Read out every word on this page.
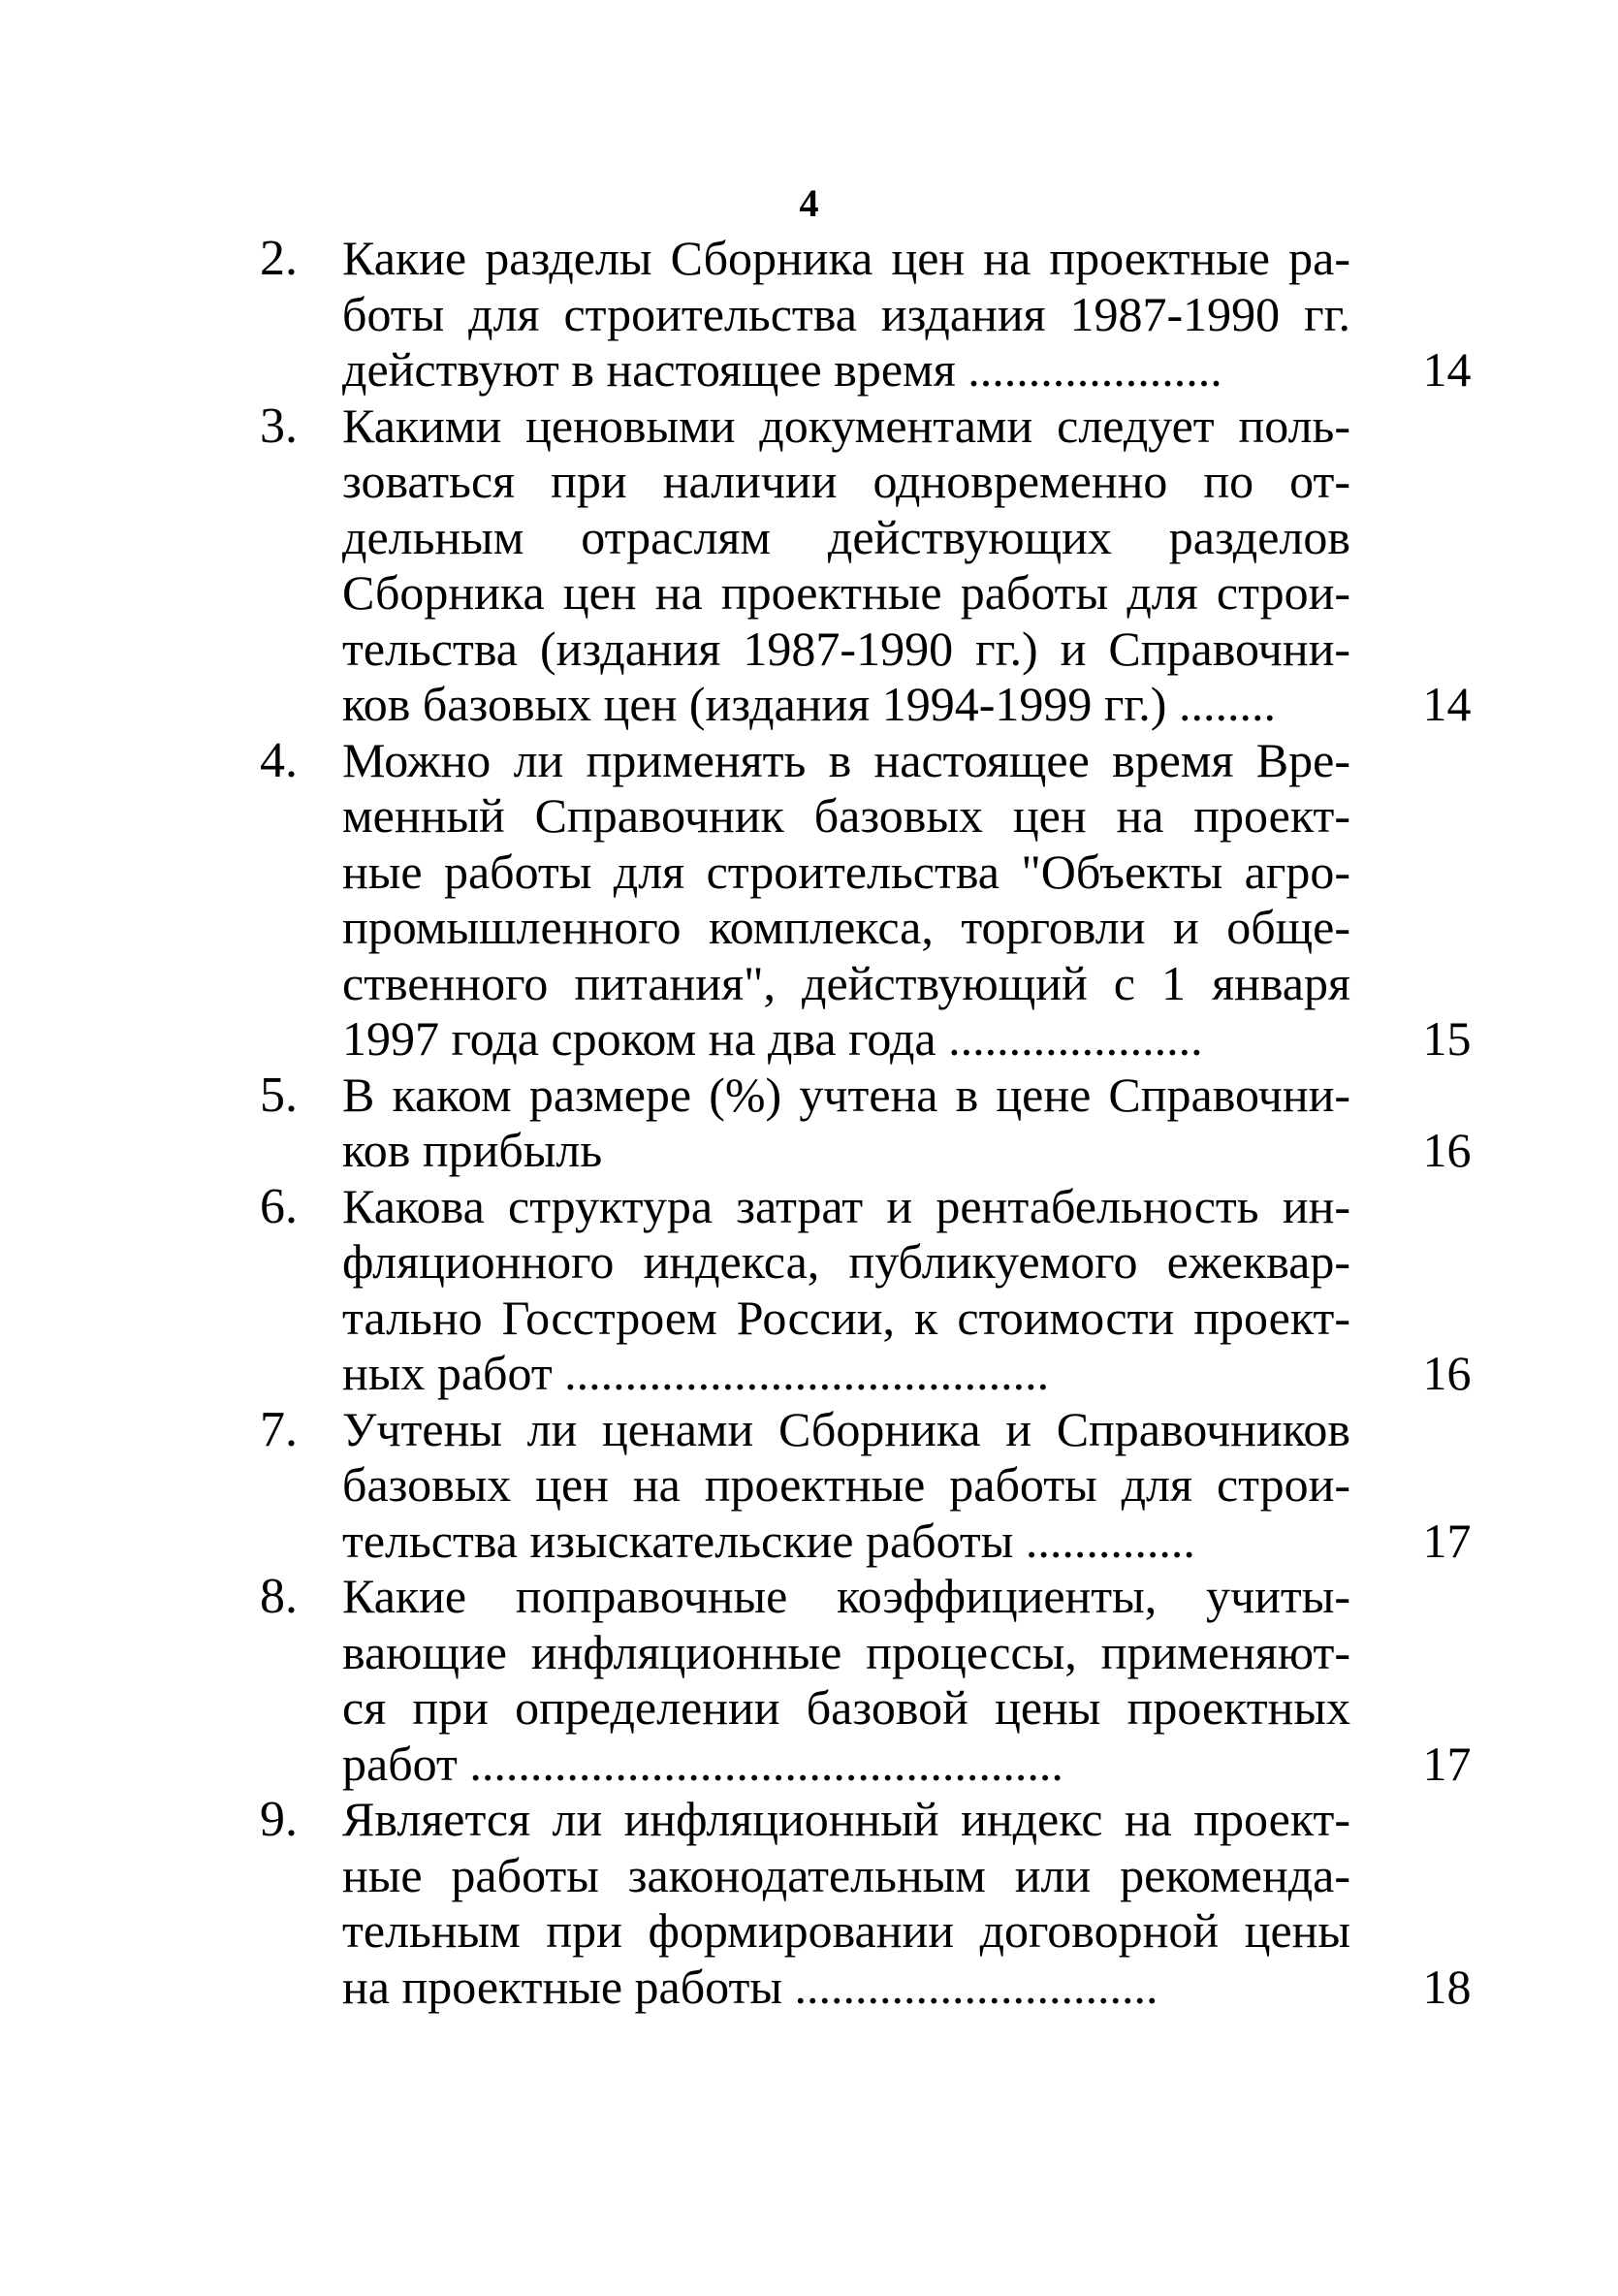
4
2. Какие разделы Сборника цен на проектные ра-
боты для строительства издания 1987-1990 гг.
действуют в настоящее время .....................	14
3. Какими ценовыми документами следует поль-
зоваться при наличии одновременно по от-
дельным отраслям действующих разделов
Сборника цен на проектные работы для строи-
тельства (издания 1987-1990 гг.) и Справочни-
ков базовых цен (издания 1994-1999 гг.) ........	14
4. Можно ли применять в настоящее время Вре-
менный Справочник базовых цен на проект-
ные работы для строительства "Объекты агро-
промышленного комплекса, торговли и обще-
ственного питания", действующий с 1 января
1997 года сроком на два года .....................	15
5. В каком размере (%) учтена в цене Справочни-
ков прибыль	16
6. Какова структура затрат и рентабельность ин-
фляционного индекса, публикуемого ежеквар-
тально Госстроем России, к стоимости проект-
ных работ ........................................	16
7. Учтены ли ценами Сборника и Справочников
базовых цен на проектные работы для строи-
тельства изыскательские работы ..............	17
8. Какие поправочные коэффициенты, учиты-
вающие инфляционные процессы, применяют-
ся при определении базовой цены проектных
работ .................................................	17
9. Является ли инфляционный индекс на проект-
ные работы законодательным или рекоменда-
тельным при формировании договорной цены
на проектные работы ..............................	18
